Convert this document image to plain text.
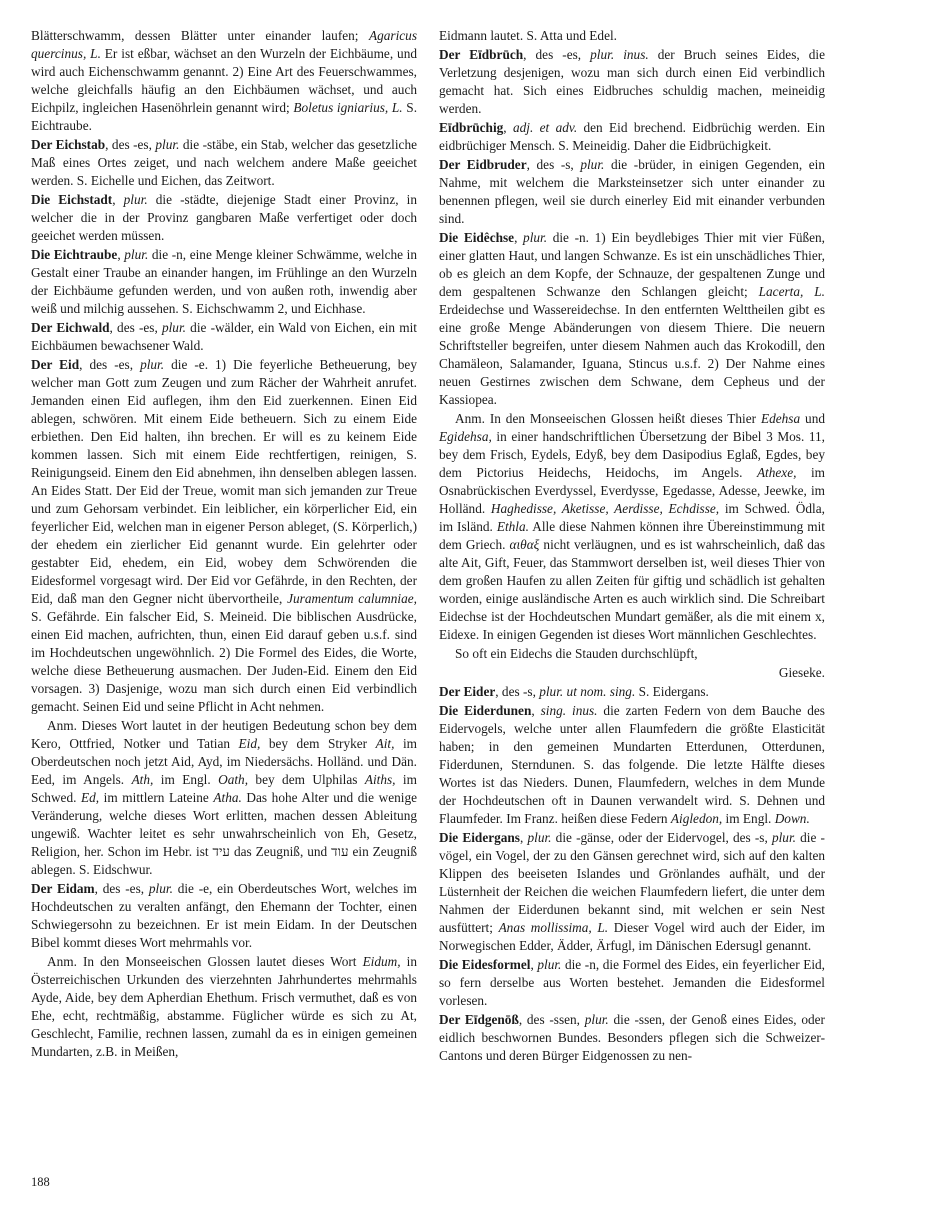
Blätterschwamm, dessen Blätter unter einander laufen; Agaricus quercinus, L. Er ist eßbar, wächset an den Wurzeln der Eichbäume, und wird auch Eichenschwamm genannt. 2) Eine Art des Feuerschwammes, welche gleichfalls häufig an den Eichbäumen wächset, und auch Eichpilz, ingleichen Hasenöhrlein genannt wird; Boletus igniarius, L. S. Eichtraube.

Der Eichstab, des -es, plur. die -stäbe, ein Stab, welcher das gesetzliche Maß eines Ortes zeiget, und nach welchem andere Maße geeichet werden. S. Eichelle und Eichen, das Zeitwort.

Die Eichstadt, plur. die -städte, diejenige Stadt einer Provinz, in welcher die in der Provinz gangbaren Maße verfertiget oder doch geeichet werden müssen.

Die Eichtraube, plur. die -n, eine Menge kleiner Schwämme, welche in Gestalt einer Traube an einander hangen, im Frühlinge an den Wurzeln der Eichbäume gefunden werden, und von außen roth, inwendig aber weiß und milchig aussehen. S. Eichschwamm 2, und Eichhase.

Der Eichwald, des -es, plur. die -wälder, ein Wald von Eichen, ein mit Eichbäumen bewachsener Wald.

Der Eid, des -es, plur. die -e. 1) Die feyerliche Betheuerung, bey welcher man Gott zum Zeugen und zum Rächer der Wahrheit anrufet. Jemanden einen Eid auflegen, ihm den Eid zuerkennen. Einen Eid ablegen, schwören. Mit einem Eide betheuern. Sich zu einem Eide erbiethen. Den Eid halten, ihn brechen. Er will es zu keinem Eide kommen lassen. Sich mit einem Eide rechtfertigen, reinigen, S. Reinigungseid. Einem den Eid abnehmen, ihn denselben ablegen lassen. An Eides Statt. Der Eid der Treue, womit man sich jemanden zur Treue und zum Gehorsam verbindet. Ein leiblicher, ein körperlicher Eid, ein feyerlicher Eid, welchen man in eigener Person ableget, (S. Körperlich,) der ehedem ein zierlicher Eid genannt wurde. Ein gelehrter oder gestabter Eid, ehedem, ein Eid, wobey dem Schwörenden die Eidesformel vorgesagt wird. Der Eid vor Gefährde, in den Rechten, der Eid, daß man den Gegner nicht übervortheile, Juramentum calumniae, S. Gefährde. Ein falscher Eid, S. Meineid. Die biblischen Ausdrücke, einen Eid machen, aufrichten, thun, einen Eid darauf geben u.s.f. sind im Hochdeutschen ungewöhnlich. 2) Die Formel des Eides, die Worte, welche diese Betheuerung ausmachen. Der Juden-Eid. Einem den Eid vorsagen. 3) Dasjenige, wozu man sich durch einen Eid verbindlich gemacht. Seinen Eid und seine Pflicht in Acht nehmen.

Anm. Dieses Wort lautet in der heutigen Bedeutung schon bey dem Kero, Ottfried, Notker und Tatian Eid, bey dem Stryker Ait, im Oberdeutschen noch jetzt Aid, Ayd, im Niedersächs. Holländ. und Dän. Eed, im Angels. Ath, im Engl. Oath, bey dem Ulphilas Aiths, im Schwed. Ed, im mittlern Lateine Atha. Das hohe Alter und die wenige Veränderung, welche dieses Wort erlitten, machen dessen Ableitung ungewiß. Wachter leitet es sehr unwahrscheinlich von Eh, Gesetz, Religion, her. Schon im Hebr. ist עיד das Zeugniß, und עוד ein Zeugniß ablegen. S. Eidschwur.

Der Eidam, des -es, plur. die -e, ein Oberdeutsches Wort, welches im Hochdeutschen zu veralten anfängt, den Ehemann der Tochter, einen Schwiegersohn zu bezeichnen. Er ist mein Eidam. In der Deutschen Bibel kommt dieses Wort mehrmahls vor.

Anm. In den Monseeischen Glossen lautet dieses Wort Eidum, in Österreichischen Urkunden des vierzehnten Jahrhundertes mehrmahls Ayde, Aide, bey dem Apherdian Ehethum. Frisch vermuthet, daß es von Ehe, echt, rechtmäßig, abstamme. Füglicher würde es sich zu At, Geschlecht, Familie, rechnen lassen, zumahl da es in einigen gemeinen Mundarten, z.B. in Meißen,

Eidmann lautet. S. Atta und Edel.

Der Eīdbrūch, des -es, plur. inus. der Bruch seines Eides, die Verletzung desjenigen, wozu man sich durch einen Eid verbindlich gemacht hat. Sich eines Eidbruches schuldig machen, meineidig werden.

Eīdbrūchig, adj. et adv. den Eid brechend. Eidbrüchig werden. Ein eidbrüchiger Mensch. S. Meineidig. Daher die Eidbrüchigkeit.

Der Eidbruder, des -s, plur. die -brüder, in einigen Gegenden, ein Nahme, mit welchem die Marksteinsetzer sich unter einander zu benennen pflegen, weil sie durch einerley Eid mit einander verbunden sind.

Die Eidêchse, plur. die -n. 1) Ein beydlebiges Thier mit vier Füßen, einer glatten Haut, und langen Schwanze. Es ist ein unschädliches Thier, ob es gleich an dem Kopfe, der Schnauze, der gespaltenen Zunge und dem gespaltenen Schwanze den Schlangen gleicht; Lacerta, L. Erdeidechse und Wassereidechse. In den entfernten Welttheilen gibt es eine große Menge Abänderungen von diesem Thiere. Die neuern Schriftsteller begreifen, unter diesem Nahmen auch das Krokodill, den Chamäleon, Salamander, Iguana, Stincus u.s.f. 2) Der Nahme eines neuen Gestirnes zwischen dem Schwane, dem Cepheus und der Kassiopea.

Anm. In den Monseeischen Glossen heißt dieses Thier Edehsa und Egidehsa, in einer handschriftlichen Übersetzung der Bibel 3 Mos. 11, bey dem Frisch, Eydels, Edyß, bey dem Dasipodius Eglaß, Egdes, bey dem Pictorius Heidechs, Heidochs, im Angels. Athexe, im Osnabrückischen Everdyssel, Everdysse, Egedasse, Adesse, Jeewke, im Holländ. Haghedisse, Aketisse, Aerdisse, Echdisse, im Schwed. Ödla, im Isländ. Ethla. Alle diese Nahmen können ihre Übereinstimmung mit dem Griech. αιθαξ nicht verläugnen, und es ist wahrscheinlich, daß das alte Ait, Gift, Feuer, das Stammwort derselben ist, weil dieses Thier von dem großen Haufen zu allen Zeiten für giftig und schädlich ist gehalten worden, einige ausländische Arten es auch wirklich sind. Die Schreibart Eidechse ist der Hochdeutschen Mundart gemäßer, als die mit einem x, Eidexe. In einigen Gegenden ist dieses Wort männlichen Geschlechtes.

So oft ein Eidechs die Stauden durchschlüpft,

Gieseke.

Der Eider, des -s, plur. ut nom. sing. S. Eidergans.

Die Eiderdunen, sing. inus. die zarten Federn von dem Bauche des Eidervogels, welche unter allen Flaumfedern die größte Elasticität haben; in den gemeinen Mundarten Etterdunen, Otterdunen, Fiderdunen, Sterndunen. S. das folgende. Die letzte Hälfte dieses Wortes ist das Nieders. Dunen, Flaumfedern, welches in dem Munde der Hochdeutschen oft in Daunen verwandelt wird. S. Dehnen und Flaumfeder. Im Franz. heißen diese Federn Aigledon, im Engl. Down.

Die Eidergans, plur. die -gänse, oder der Eidervogel, des -s, plur. die -vögel, ein Vogel, der zu den Gänsen gerechnet wird, sich auf den kalten Klippen des beeiseten Islandes und Grönlandes aufhält, und der Lüsternheit der Reichen die weichen Flaumfedern liefert, die unter dem Nahmen der Eiderdunen bekannt sind, mit welchen er sein Nest ausfüttert; Anas mollissima, L. Dieser Vogel wird auch der Eider, im Norwegischen Edder, Ädder, Ärfugl, im Dänischen Edersugl genannt.

Die Eidesformel, plur. die -n, die Formel des Eides, ein feyerlicher Eid, so fern derselbe aus Worten bestehet. Jemanden die Eidesformel vorlesen.

Der Eīdgenōß, des -ssen, plur. die -ssen, der Genoß eines Eides, oder eidlich beschwornen Bundes. Besonders pflegen sich die Schweizer-Cantons und deren Bürger Eidgenossen zu nen-

188
